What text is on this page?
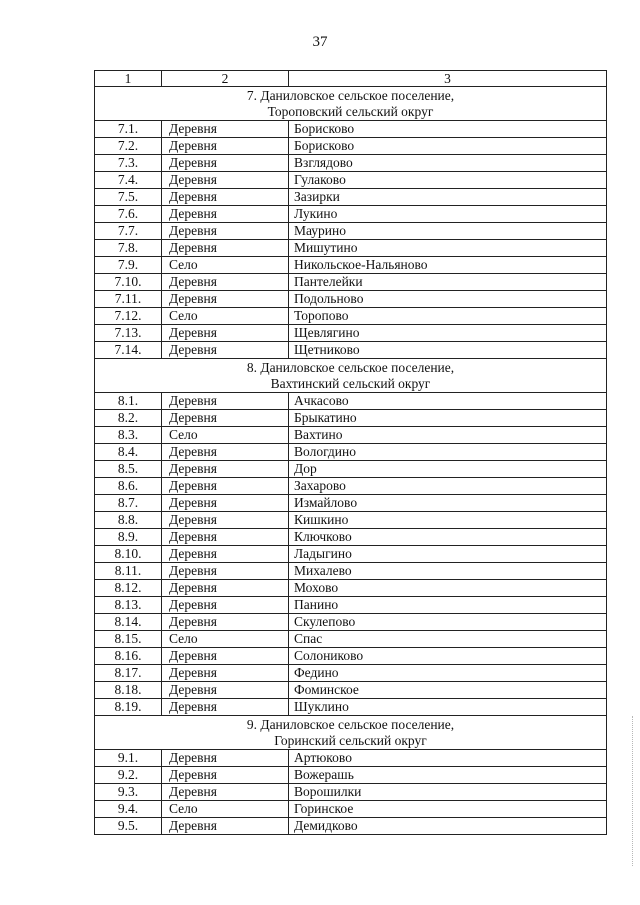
37
1	2	3

7. Даниловское сельское поселение,
Тороповский сельский округ		

7.1.	Деревня	Борисково
7.2.	Деревня	Борисково
7.3.	Деревня	Взглядово
7.4.	Деревня	Гулаково
7.5.	Деревня	Зазирки
7.6.	Деревня	Лукино
7.7.	Деревня	Маурино
7.8.	Деревня	Мишутино
7.9.	Село	Никольское-Нальяново
7.10.	Деревня	Пантелейки
7.11.	Деревня	Подольново
7.12.	Село	Торопово
7.13.	Деревня	Щевлягино
7.14.	Деревня	Щетниково

8. Даниловское сельское поселение,
Вахтинский сельский округ		

8.1.	Деревня	Ачкасово
8.2.	Деревня	Брыкатино
8.3.	Село	Вахтино
8.4.	Деревня	Вологдино
8.5.	Деревня	Дор
8.6.	Деревня	Захарово
8.7.	Деревня	Измайлово
8.8.	Деревня	Кишкино
8.9.	Деревня	Ключково
8.10.	Деревня	Ладыгино
8.11.	Деревня	Михалево
8.12.	Деревня	Мохово
8.13.	Деревня	Панино
8.14.	Деревня	Скулепово
8.15.	Село	Спас
8.16.	Деревня	Солониково
8.17.	Деревня	Федино
8.18.	Деревня	Фоминское
8.19.	Деревня	Шуклино

9. Даниловское сельское поселение,
Горинский сельский округ		

9.1.	Деревня	Артюково
9.2.	Деревня	Вожерашь
9.3.	Деревня	Ворошилки
9.4.	Село	Горинское
9.5.	Деревня	Демидково
